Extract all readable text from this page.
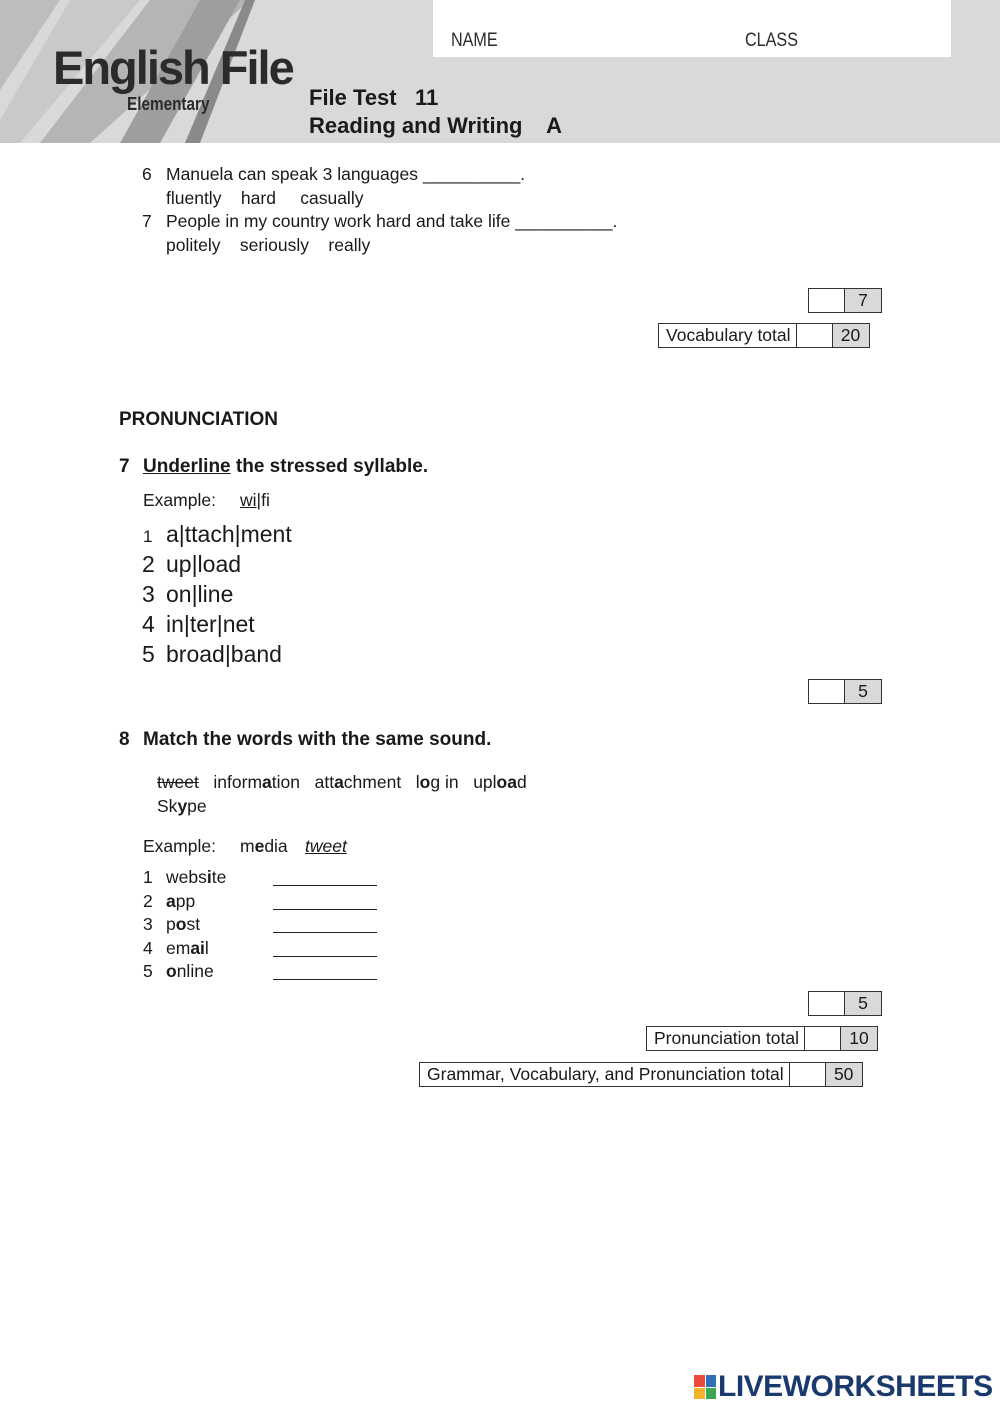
English File
Elementary
NAME	CLASS
File Test   11
Reading and Writing    A
6 Manuela can speak 3 languages __________.
fluently    hard     casually
7 People in my country work hard and take life __________.
politely    seriously    really
7
Vocabulary total	20
PRONUNCIATION
7 Underline the stressed syllable.
Example: wi|fi
1 a|ttach|ment
2 up|load
3 on|line
4 in|ter|net
5 broad|band
5
8 Match the words with the same sound.
tweet information attachment log in upload
Skype
Example: media tweet
1 website
2 app
3 post
4 email
5 online
5
Pronunciation total	10
Grammar, Vocabulary, and Pronunciation total	50
LIVEWORKSHEETS
